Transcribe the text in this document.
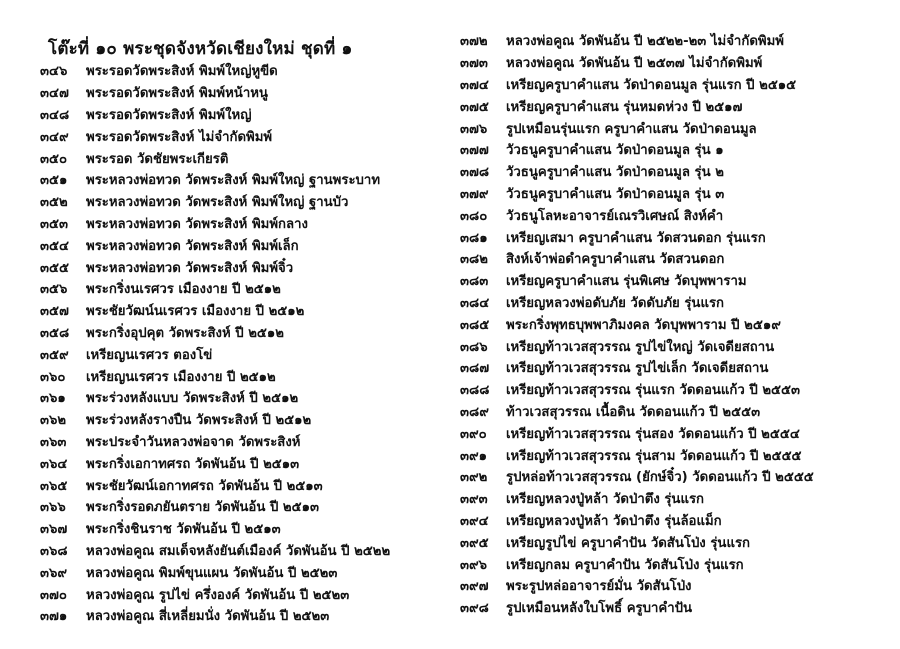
โต๊ะที่ ๑๐ พระชุดจังหวัดเชียงใหม่ ชุดที่ ๑
๓๔๖	พระรอดวัดพระสิงห์ พิมพ์ใหญ่หูขีด
๓๔๗	พระรอดวัดพระสิงห์ พิมพ์หน้าหนู
๓๔๘	พระรอดวัดพระสิงห์ พิมพ์ใหญ่
๓๔๙	พระรอดวัดพระสิงห์ ไม่จำกัดพิมพ์
๓๕๐	พระรอด วัดชัยพระเกียรติ
๓๕๑	พระหลวงพ่อทวด วัดพระสิงห์ พิมพ์ใหญ่ ฐานพระบาท
๓๕๒	พระหลวงพ่อทวด วัดพระสิงห์ พิมพ์ใหญ่ ฐานบัว
๓๕๓	พระหลวงพ่อทวด วัดพระสิงห์ พิมพ์กลาง
๓๕๔	พระหลวงพ่อทวด วัดพระสิงห์ พิมพ์เล็ก
๓๕๕	พระหลวงพ่อทวด วัดพระสิงห์ พิมพ์จิ๋ว
๓๕๖	พระกริ่งนเรศวร เมืองงาย ปี ๒๕๑๒
๓๕๗	พระชัยวัฒน์นเรศวร เมืองงาย ปี ๒๕๑๒
๓๕๘	พระกริ่งอุปคุต วัดพระสิงห์ ปี ๒๕๑๒
๓๕๙	เหรียญนเรศวร ตองโข่
๓๖๐	เหรียญนเรศวร เมืองงาย ปี ๒๕๑๒
๓๖๑	พระร่วงหลังแบบ วัดพระสิงห์ ปี ๒๕๑๒
๓๖๒	พระร่วงหลังรางปืน วัดพระสิงห์ ปี ๒๕๑๒
๓๖๓	พระประจำวันหลวงพ่อจาด วัดพระสิงห์
๓๖๔	พระกริ่งเอกาทศรถ วัดพันอ้น ปี ๒๕๑๓
๓๖๕	พระชัยวัฒน์เอกาทศรถ วัดพันอ้น ปี ๒๕๑๓
๓๖๖	พระกริ่งรอดภยันตราย วัดพันอ้น ปี ๒๕๑๓
๓๖๗	พระกริ่งชินราช วัดพันอ้น ปี ๒๕๑๓
๓๖๘	หลวงพ่อคูณ สมเด็จหลังยันต์เมืองค์ วัดพันอ้น ปี ๒๕๒๒
๓๖๙	หลวงพ่อคูณ พิมพ์ขุนแผน วัดพันอ้น ปี ๒๕๒๓
๓๗๐	หลวงพ่อคูณ รูปไข่ ครึ่งองค์ วัดพันอ้น ปี ๒๕๒๓
๓๗๑	หลวงพ่อคูณ สี่เหลี่ยมนั่ง วัดพันอ้น ปี ๒๕๒๓
๓๗๒	หลวงพ่อคูณ วัดพันอ้น ปี ๒๕๒๒-๒๓ ไม่จำกัดพิมพ์
๓๗๓	หลวงพ่อคูณ วัดพันอ้น ปี ๒๕๓๗ ไม่จำกัดพิมพ์
๓๗๔	เหรียญครูบาคำแสน วัดป่าดอนมูล รุ่นแรก ปี ๒๕๑๕
๓๗๕	เหรียญครูบาคำแสน รุ่นหมดห่วง ปี ๒๕๑๗
๓๗๖	รูปเหมือนรุ่นแรก ครูบาคำแสน วัดป่าดอนมูล
๓๗๗	วัวธนูครูบาคำแสน วัดป่าดอนมูล รุ่น ๑
๓๗๘	วัวธนูครูบาคำแสน วัดป่าดอนมูล รุ่น ๒
๓๗๙	วัวธนูครูบาคำแสน วัดป่าดอนมูล รุ่น ๓
๓๘๐	วัวธนูโลหะอาจารย์เณรวิเศษณ์ สิงห์คำ
๓๘๑	เหรียญเสมา ครูบาคำแสน วัดสวนดอก รุ่นแรก
๓๘๒	สิงห์เจ้าพ่อดำครูบาคำแสน วัดสวนดอก
๓๘๓	เหรียญครูบาคำแสน รุ่นพิเศษ วัดบุพพาราม
๓๘๔	เหรียญหลวงพ่อดับภัย วัดดับภัย รุ่นแรก
๓๘๕	พระกริ่งพุทธบุพพาภิมงคล วัดบุพพาราม ปี ๒๕๑๙
๓๘๖	เหรียญท้าวเวสสุวรรณ รูปไข่ใหญ่ วัดเจดียสถาน
๓๘๗	เหรียญท้าวเวสสุวรรณ รูปไข่เล็ก วัดเจดียสถาน
๓๘๘	เหรียญท้าวเวสสุวรรณ รุ่นแรก วัดดอนแก้ว ปี ๒๕๕๓
๓๘๙	ท้าวเวสสุวรรณ เนื้อดิน วัดดอนแก้ว ปี ๒๕๕๓
๓๙๐	เหรียญท้าวเวสสุวรรณ รุ่นสอง วัดดอนแก้ว ปี ๒๕๕๔
๓๙๑	เหรียญท้าวเวสสุวรรณ รุ่นสาม วัดดอนแก้ว ปี ๒๕๕๕
๓๙๒	รูปหล่อท้าวเวสสุวรรณ (ยักษ์จิ๋ว) วัดดอนแก้ว ปี ๒๕๕๕
๓๙๓	เหรียญหลวงปู่หล้า วัดป่าตึง รุ่นแรก
๓๙๔	เหรียญหลวงปู่หล้า วัดป่าตึง รุ่นล้อแม็ก
๓๙๕	เหรียญรูปไข่ ครูบาคำปัน วัดสันโป่ง รุ่นแรก
๓๙๖	เหรียญกลม ครูบาคำปัน วัดสันโป่ง รุ่นแรก
๓๙๗	พระรูปหล่ออาจารย์มั่น วัดสันโป่ง
๓๙๘	รูปเหมือนหลังใบโพธิ์ ครูบาคำปัน
